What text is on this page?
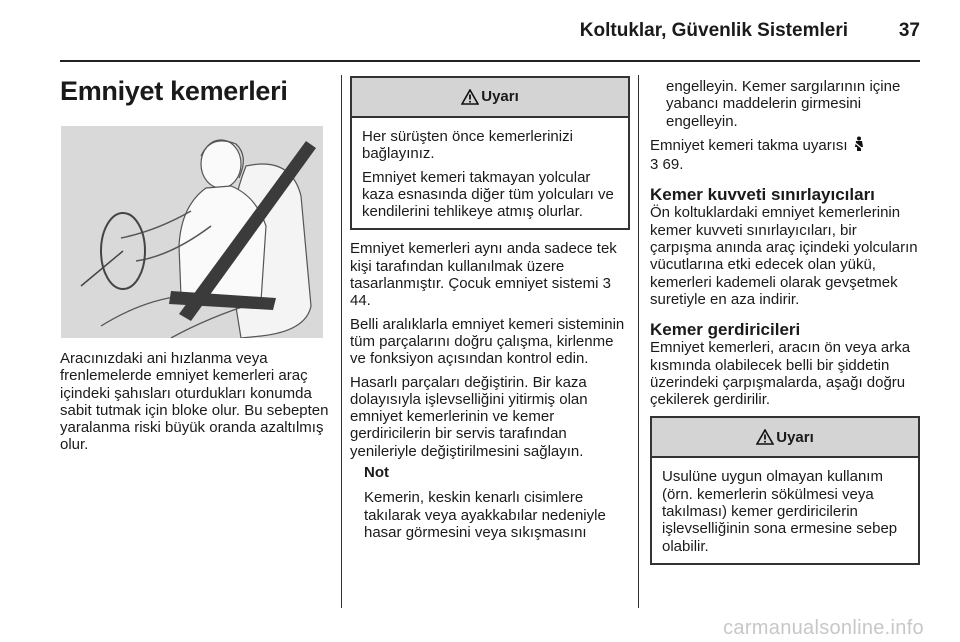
Koltuklar, Güvenlik Sistemleri	37
Emniyet kemerleri

Aracınızdaki ani hızlanma veya frenlemelerde emniyet kemerleri araç içindeki şahısları oturdukları konumda sabit tutmak için bloke olur. Bu sebepten yaralanma riski büyük oranda azaltılmış olur.

Uyarı

Her sürüşten önce kemerlerinizi bağlayınız.

Emniyet kemeri takmayan yolcular kaza esnasında diğer tüm yolcuları ve kendilerini tehlikeye atmış olurlar.

Emniyet kemerleri aynı anda sadece tek kişi tarafından kullanılmak üzere tasarlanmıştır. Çocuk emniyet sistemi 3 44.

Belli aralıklarla emniyet kemeri sisteminin tüm parçalarını doğru çalışma, kirlenme ve fonksiyon açısından kontrol edin.

Hasarlı parçaları değiştirin. Bir kaza dolayısıyla işlevselliğini yitirmiş olan emniyet kemerlerinin ve kemer gerdiricilerin bir servis tarafından yenileriyle değiştirilmesini sağlayın.

Not

Kemerin, keskin kenarlı cisimlere takılarak veya ayakkabılar nedeniyle hasar görmesini veya sıkışmasını

engelleyin. Kemer sargılarının içine yabancı maddelerin girmesini engelleyin.

Emniyet kemeri takma uyarısı

3 69.

Kemer kuvveti sınırlayıcıları

Ön koltuklardaki emniyet kemerlerinin kemer kuvveti sınırlayıcıları, bir çarpışma anında araç içindeki yolcuların vücutlarına etki edecek olan yükü, kemerleri kademeli olarak gevşetmek suretiyle en aza indirir.

Kemer gerdiricileri

Emniyet kemerleri, aracın ön veya arka kısmında olabilecek belli bir şiddetin üzerindeki çarpışmalarda, aşağı doğru çekilerek gerdirilir.

Uyarı

Usulüne uygun olmayan kullanım (örn. kemerlerin sökülmesi veya takılması) kemer gerdiricilerin işlevselliğinin sona ermesine sebep olabilir.

carmanualsonline.info
